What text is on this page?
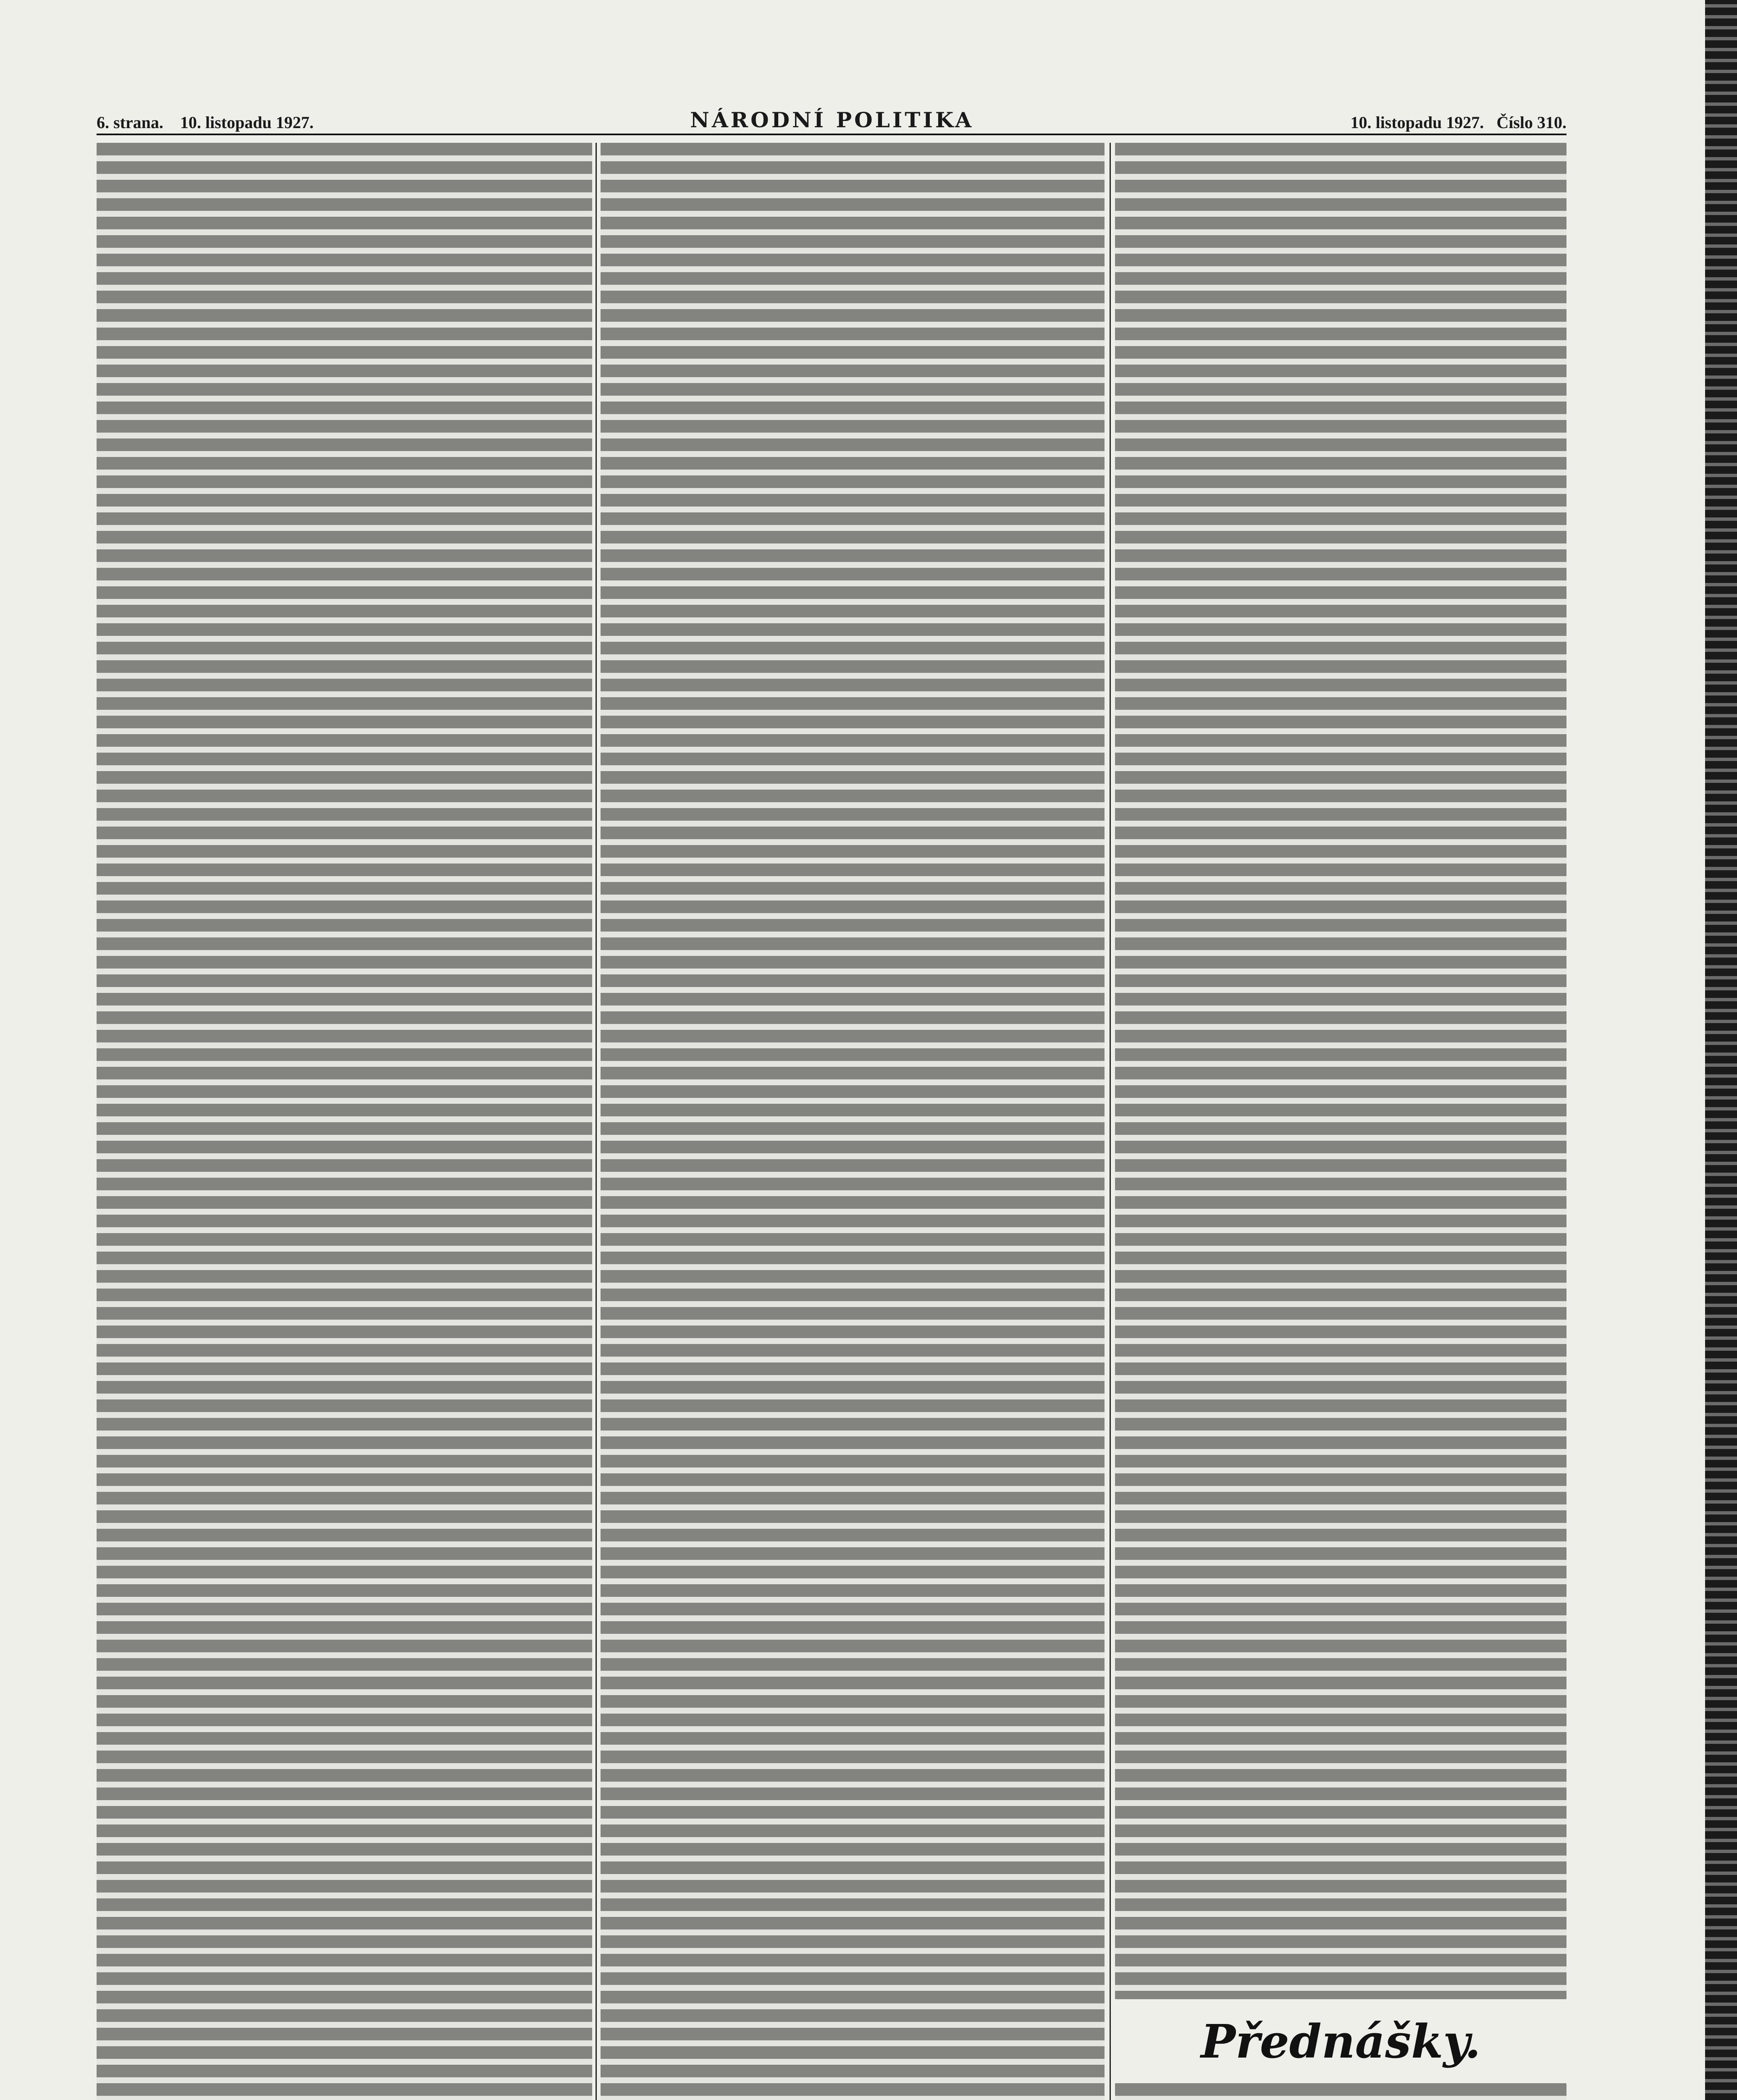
6. strana. 10. listopadu 1927.	NÁRODNÍ POLITIKA	10. listopadu 1927. Číslo 310.
Přednášky.
